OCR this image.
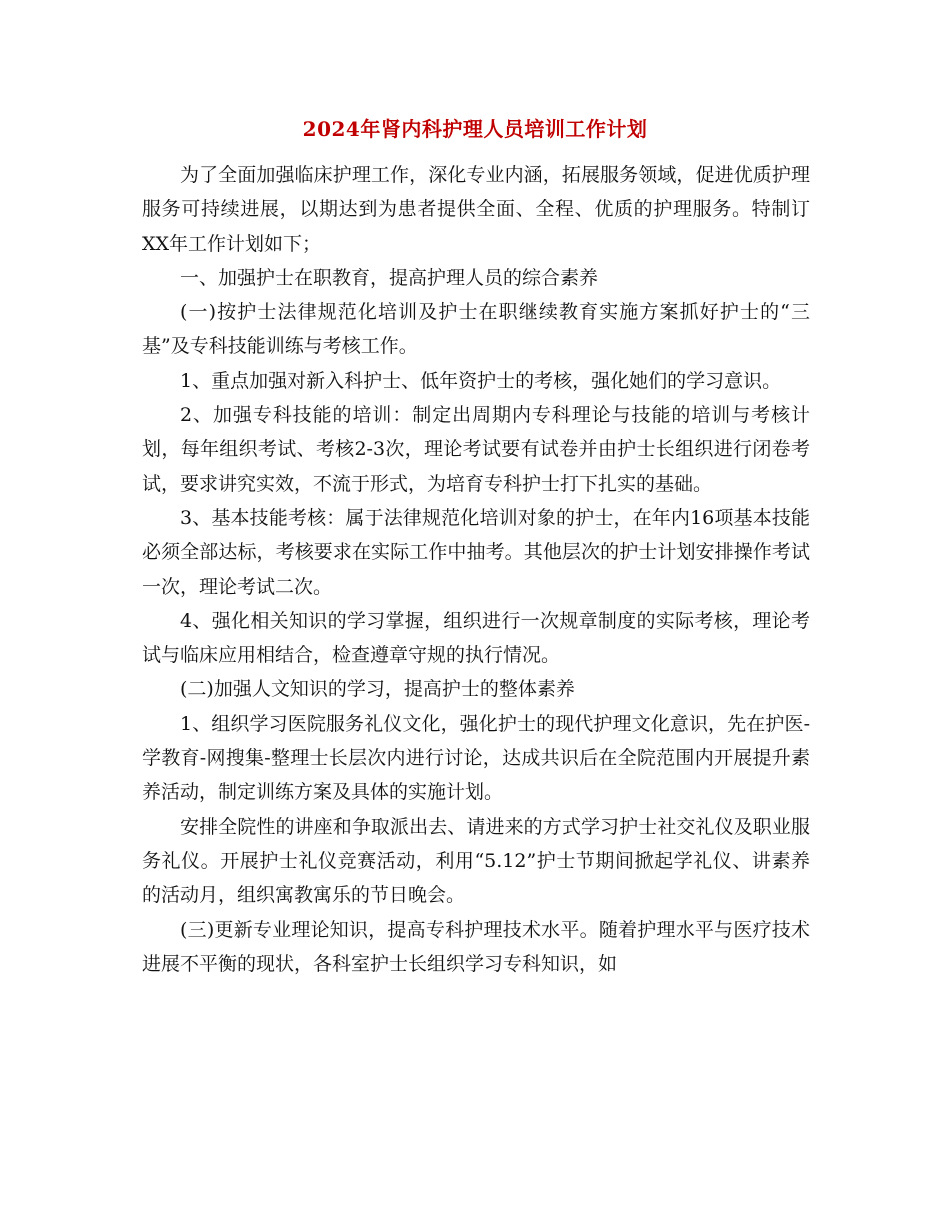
2024年肾内科护理人员培训工作计划

为了全面加强临床护理工作，深化专业内涵，拓展服务领域，促进优质护理服务可持续进展，以期达到为患者提供全面、全程、优质的护理服务。特制订XX年工作计划如下；

一、加强护士在职教育，提高护理人员的综合素养

(一)按护士法律规范化培训及护士在职继续教育实施方案抓好护士的“三基”及专科技能训练与考核工作。

1、重点加强对新入科护士、低年资护士的考核，强化她们的学习意识。

2、加强专科技能的培训：制定出周期内专科理论与技能的培训与考核计划，每年组织考试、考核2-3次，理论考试要有试卷并由护士长组织进行闭卷考试，要求讲究实效，不流于形式，为培育专科护士打下扎实的基础。

3、基本技能考核：属于法律规范化培训对象的护士，在年内16项基本技能必须全部达标，考核要求在实际工作中抽考。其他层次的护士计划安排操作考试一次，理论考试二次。

4、强化相关知识的学习掌握，组织进行一次规章制度的实际考核，理论考试与临床应用相结合，检查遵章守规的执行情况。

(二)加强人文知识的学习，提高护士的整体素养

1、组织学习医院服务礼仪文化，强化护士的现代护理文化意识，先在护医-学教育-网搜集-整理士长层次内进行讨论，达成共识后在全院范围内开展提升素养活动，制定训练方案及具体的实施计划。

安排全院性的讲座和争取派出去、请进来的方式学习护士社交礼仪及职业服务礼仪。开展护士礼仪竞赛活动，利用“5.12”护士节期间掀起学礼仪、讲素养的活动月，组织寓教寓乐的节日晚会。

(三)更新专业理论知识，提高专科护理技术水平。随着护理水平与医疗技术进展不平衡的现状，各科室护士长组织学习专科知识，如
